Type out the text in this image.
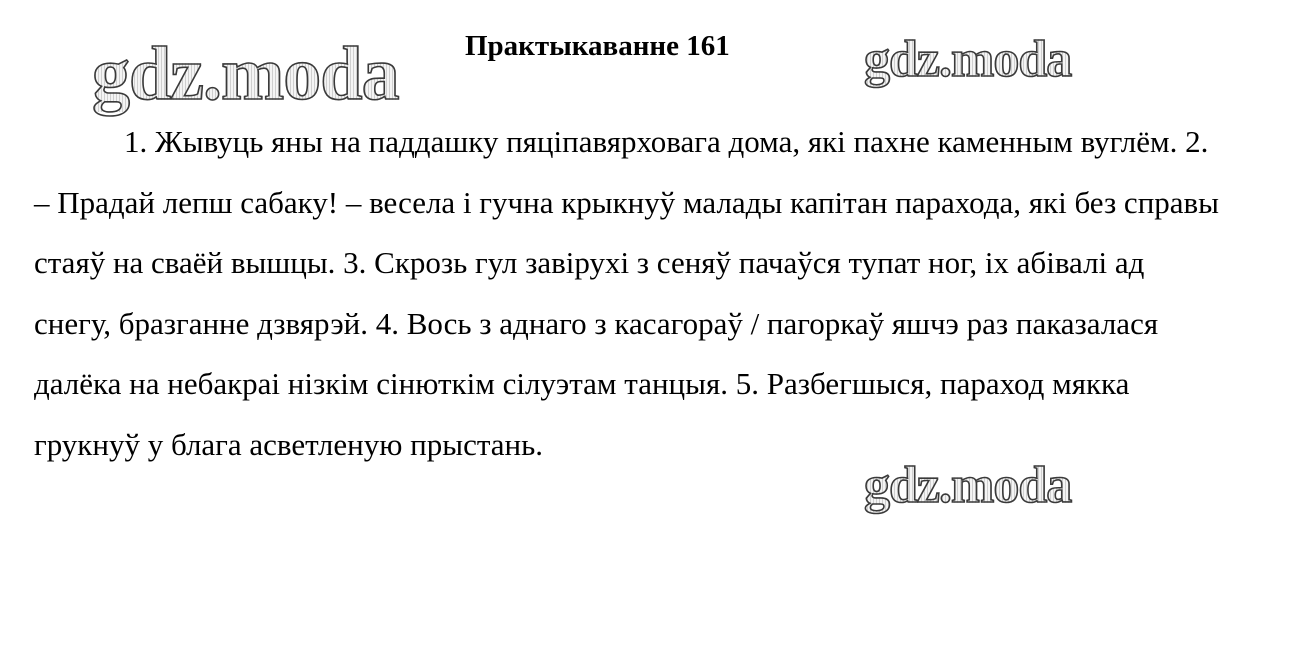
Практыкаванне 161

1. Жывуць яны на паддашку пяціпавярховага дома, які пахне каменным вуглём. 2. – Прадай лепш сабаку! – весела і гучна крыкнуў малады капітан парахода, які без справы стаяў на сваёй вышцы. 3. Скрозь гул завірухі з сеняў пачаўся тупат ног, іх абівалі ад снегу, бразганне дзвярэй. 4. Вось з аднаго з касагораў / пагоркаў яшчэ раз паказалася далёка на небакраі нізкім сінюткім сілуэтам танцыя. 5. Разбегшыся, параход мякка грукнуў у блага асветленую прыстань.

gdz.moda	gdz.moda
gdz.moda
